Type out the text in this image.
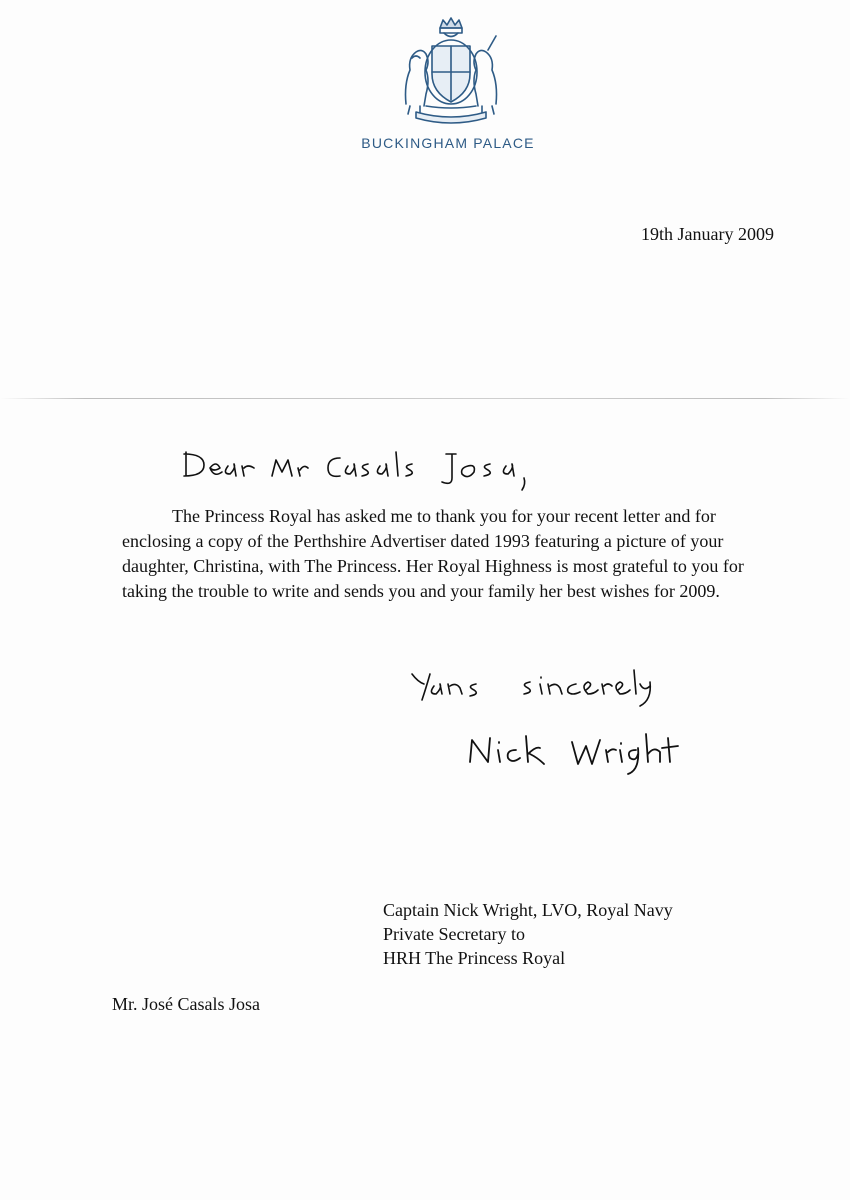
BUCKINGHAM PALACE
19th January 2009

The Princess Royal has asked me to thank you for your recent letter and for enclosing a copy of the Perthshire Advertiser dated 1993 featuring a picture of your daughter, Christina, with The Princess. Her Royal Highness is most grateful to you for taking the trouble to write and sends you and your family her best wishes for 2009.

Captain Nick Wright, LVO, Royal Navy
Private Secretary to
HRH The Princess Royal
Mr. José Casals Josa
